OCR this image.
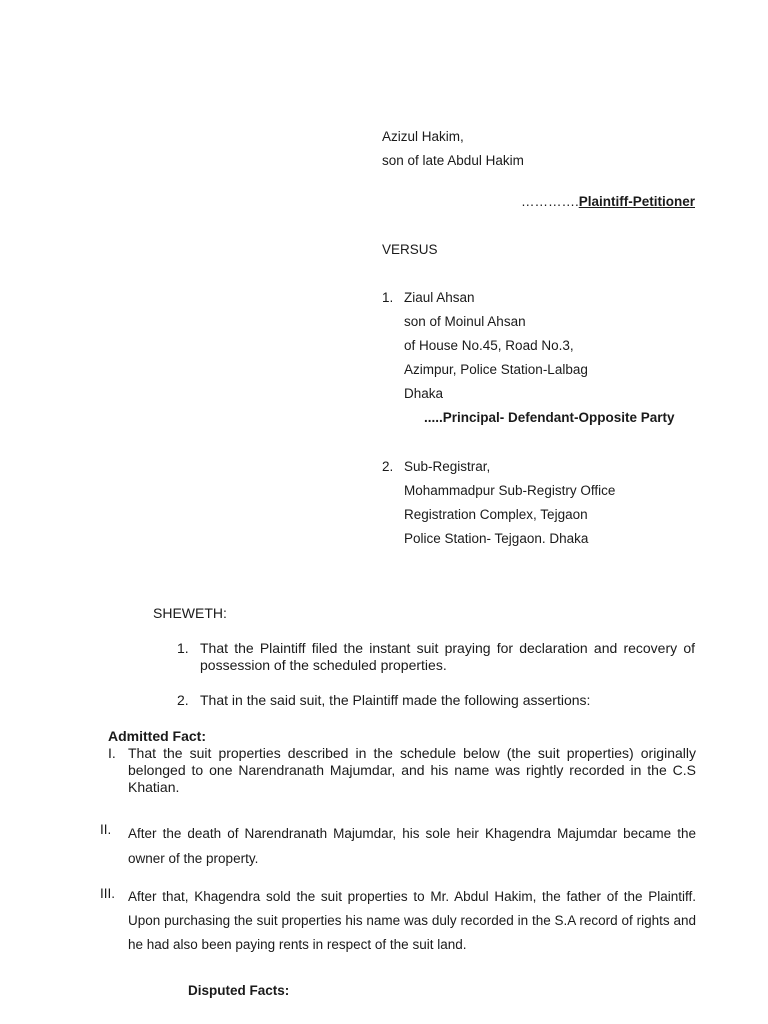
Azizul Hakim,
son of late Abdul Hakim
………….Plaintiff-Petitioner
VERSUS
1. Ziaul Ahsan
son of Moinul Ahsan
of House No.45, Road No.3,
Azimpur, Police Station-Lalbag
Dhaka
.....Principal- Defendant-Opposite Party
2. Sub-Registrar,
Mohammadpur Sub-Registry Office
Registration Complex, Tejgaon
Police Station- Tejgaon. Dhaka
SHEWETH:
1. That the Plaintiff filed the instant suit praying for declaration and recovery of possession of the scheduled properties.
2. That in the said suit, the Plaintiff made the following assertions:
Admitted Fact:
I. That the suit properties described in the schedule below (the suit properties) originally belonged to one Narendranath Majumdar, and his name was rightly recorded in the C.S Khatian.
II. After the death of Narendranath Majumdar, his sole heir Khagendra Majumdar became the owner of the property.
III. After that, Khagendra sold the suit properties to Mr. Abdul Hakim, the father of the Plaintiff. Upon purchasing the suit properties his name was duly recorded in the S.A record of rights and he had also been paying rents in respect of the suit land.
Disputed Facts:
